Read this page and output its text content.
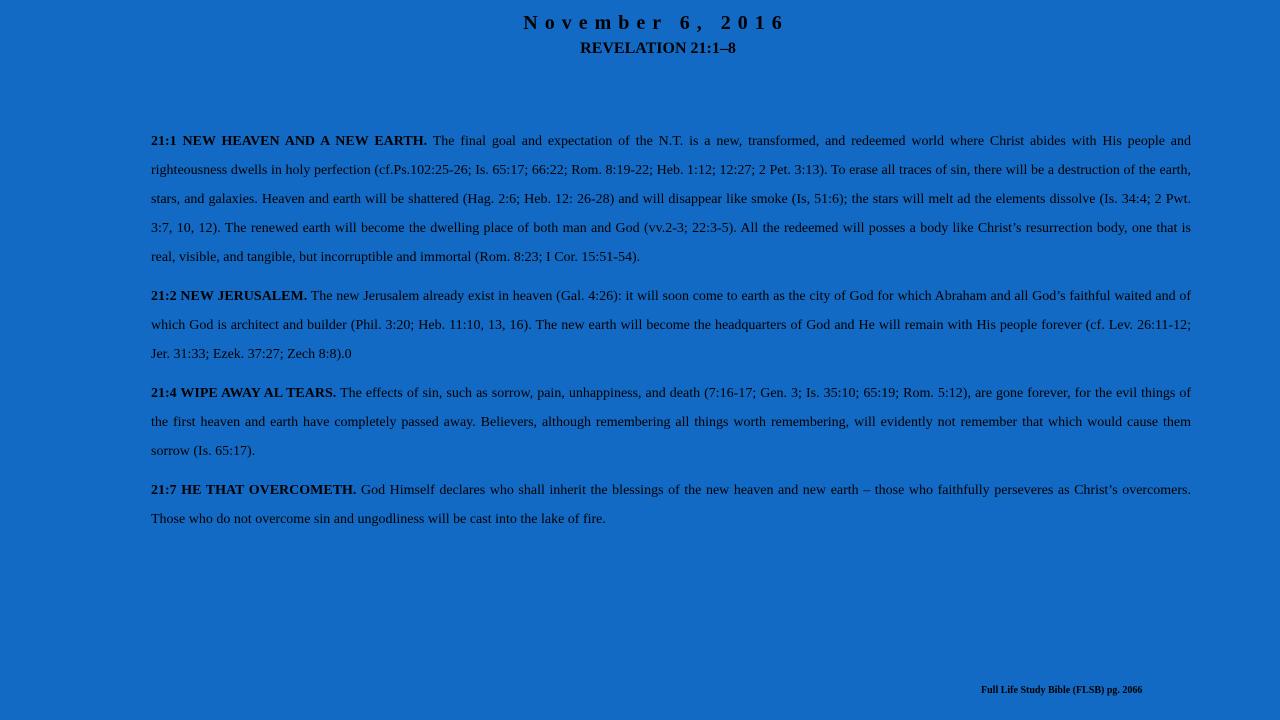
November 6, 2016
REVELATION 21:1–8

21:1 NEW HEAVEN AND A NEW EARTH. The final goal and expectation of the N.T. is a new, transformed, and redeemed world where Christ abides with His people and righteousness dwells in holy perfection (cf.Ps.102:25-26; Is. 65:17; 66:22; Rom. 8:19-22; Heb. 1:12; 12:27; 2 Pet. 3:13). To erase all traces of sin, there will be a destruction of the earth, stars, and galaxies. Heaven and earth will be shattered (Hag. 2:6; Heb. 12: 26-28) and will disappear like smoke (Is, 51:6); the stars will melt ad the elements dissolve (Is. 34:4; 2 Pwt. 3:7, 10, 12). The renewed earth will become the dwelling place of both man and God (vv.2-3; 22:3-5). All the redeemed will posses a body like Christ’s resurrection body, one that is real, visible, and tangible, but incorruptible and immortal (Rom. 8:23; I Cor. 15:51-54).

21:2 NEW JERUSALEM. The new Jerusalem already exist in heaven (Gal. 4:26): it will soon come to earth as the city of God for which Abraham and all God’s faithful waited and of which God is architect and builder (Phil. 3:20; Heb. 11:10, 13, 16). The new earth will become the headquarters of God and He will remain with His people forever (cf. Lev. 26:11-12; Jer. 31:33; Ezek. 37:27; Zech 8:8).0

21:4 WIPE AWAY AL TEARS. The effects of sin, such as sorrow, pain, unhappiness, and death (7:16-17; Gen. 3; Is. 35:10; 65:19; Rom. 5:12), are gone forever, for the evil things of the first heaven and earth have completely passed away. Believers, although remembering all things worth remembering, will evidently not remember that which would cause them sorrow (Is. 65:17).

21:7 HE THAT OVERCOMETH. God Himself declares who shall inherit the blessings of the new heaven and new earth – those who faithfully perseveres as Christ’s overcomers. Those who do not overcome sin and ungodliness will be cast into the lake of fire.

Full Life Study Bible (FLSB) pg. 2066
